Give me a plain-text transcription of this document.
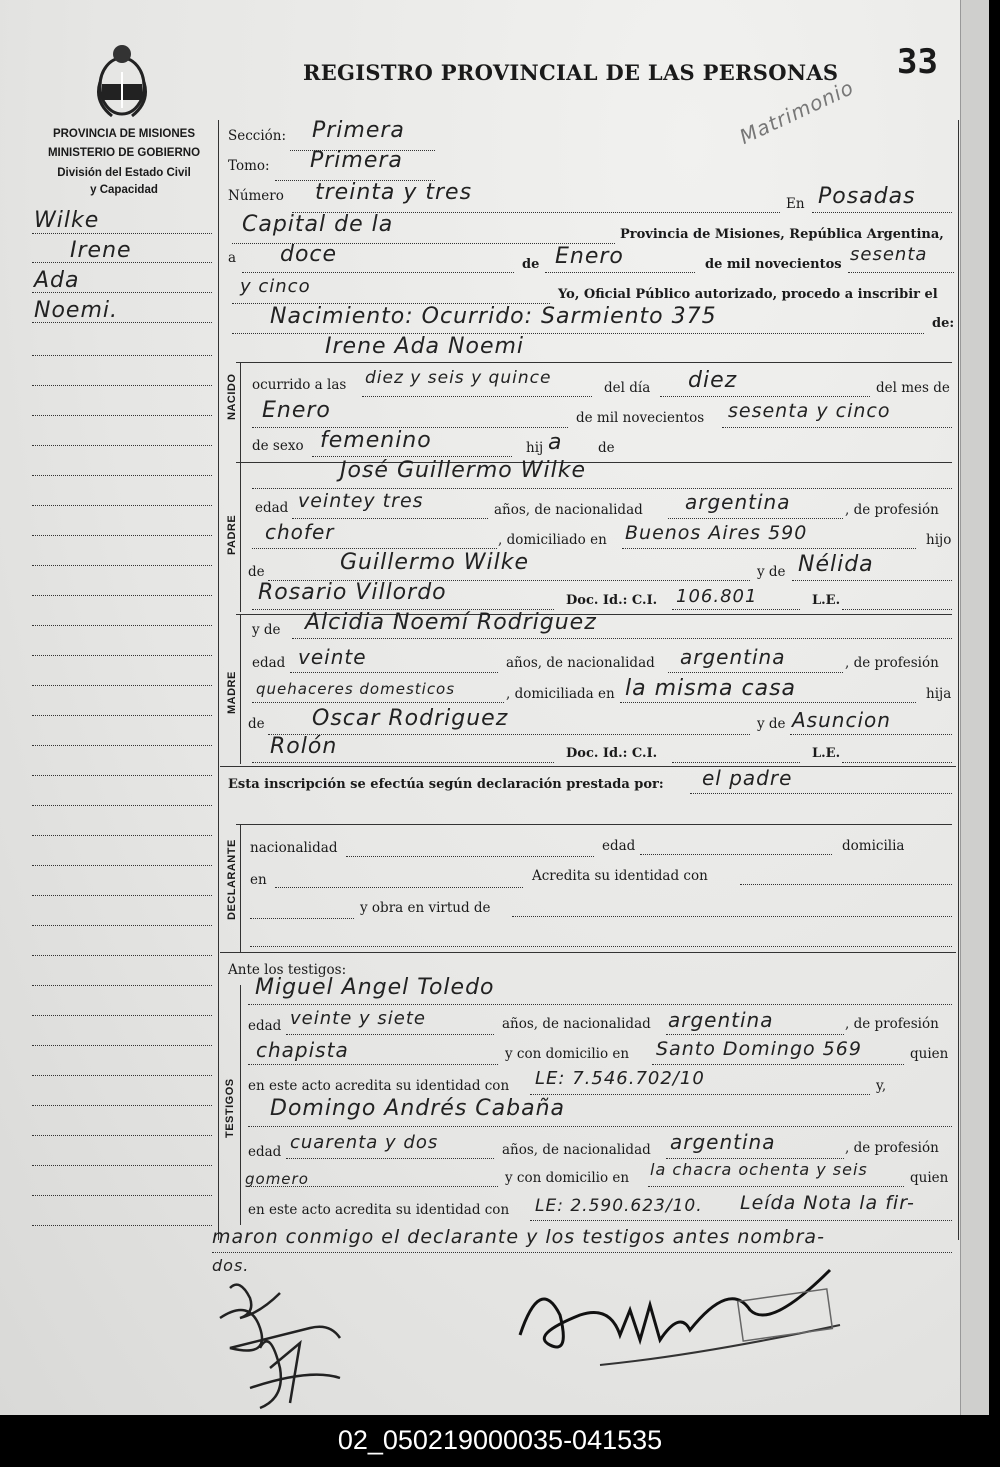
REGISTRO PROVINCIAL DE LAS PERSONAS 33
Matrimonio
PROVINCIA DE MISIONES
MINISTERIO DE GOBIERNO
División del Estado Civil
y Capacidad
Wilke
Irene
Ada
Noemi.
Sección: Primera
Tomo: Primera
Número treinta y tres	En Posadas
Capital de la	Provincia de Misiones, República Argentina,
a doce	de Enero	de mil novecientos sesenta
y cinco	Yo, Oficial Público autorizado, procedo a inscribir el
Nacimiento: Ocurrido: Sarmiento 375	de:
NACIDO
Irene Ada Noemi
ocurrido a las diez y seis y quince	del día diez	del mes de
Enero	de mil novecientos sesenta y cinco
de sexo femenino	hij a	de
PADRE
José Guillermo Wilke
edad veintey tres	años, de nacionalidad argentina	, de profesión
chofer	, domiciliado en Buenos Aires 590	hijo
de	Guillermo Wilke	y de Nélida
Rosario Villordo	Doc. Id.: C.I. 106.801	L.E.
MADRE
y de Alcidia Noemí Rodriguez
edad veinte	años, de nacionalidad argentina	, de profesión
quehaceres domesticos	, domiciliada en la misma casa	hija
de Oscar Rodriguez	y de Asuncion
Rolón	Doc. Id.: C.I.	L.E.
Esta inscripción se efectúa según declaración prestada por: el padre
DECLARANTE nacionalidad	edad	domicilia
en	Acredita su identidad con
y obra en virtud de
Ante los testigos:
TESTIGOS
Miguel Angel Toledo
edad veinte y siete	años, de nacionalidad argentina	, de profesión
chapista	y con domicilio en Santo Domingo 569	quien
en este acto acredita su identidad con LE: 7.546.702/10	y,
Domingo Andrés Cabaña
edad cuarenta y dos	años, de nacionalidad argentina	, de profesión
gomero	y con domicilio en la chacra ochenta y seis	quien
en este acto acredita su identidad con LE: 2.590.623/10. Leída Nota la fir-
maron conmigo el declarante y los testigos antes nombra-
dos.
02_050219000035-041535
